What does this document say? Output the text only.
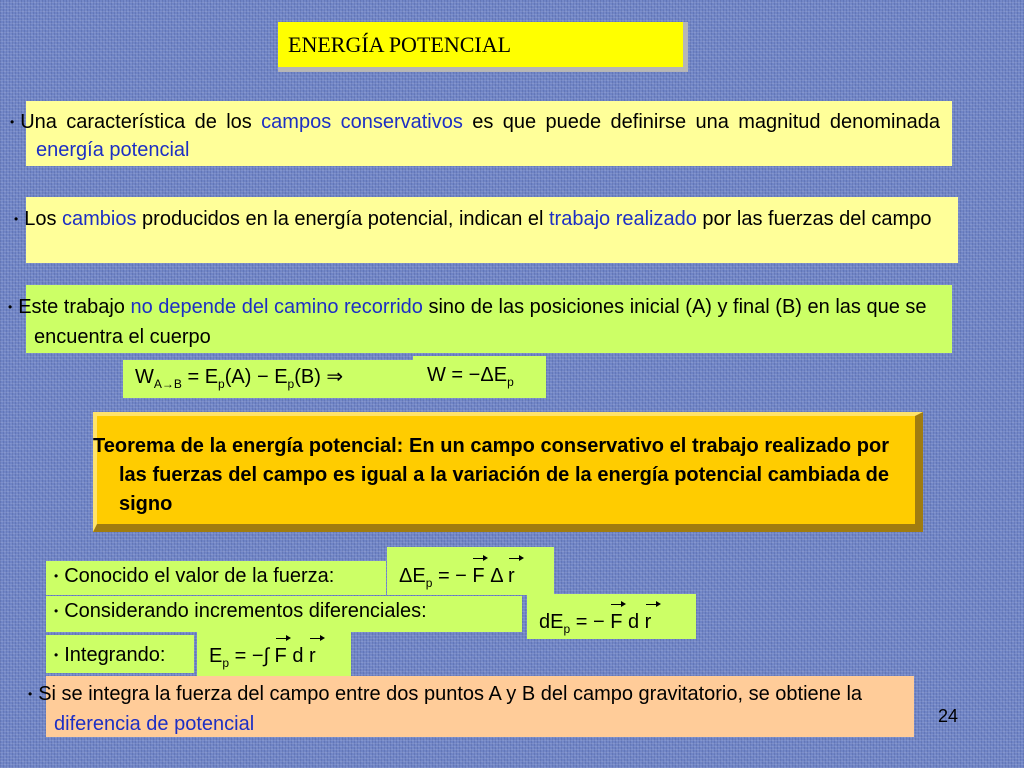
ENERGÍA POTENCIAL
• Una característica de los campos conservativos es que puede definirse una magnitud denominada energía potencial
• Los cambios producidos en la energía potencial, indican el trabajo realizado por las fuerzas del campo
• Este trabajo no depende del camino recorrido sino de las posiciones inicial (A) y final (B) en las que se encuentra el cuerpo
$W_{A\to B} = E_p(A) - E_p(B)$ ⇒	$W = -\Delta E_p$
Teorema de la energía potencial: En un campo conservativo el trabajo realizado por las fuerzas del campo es igual a la variación de la energía potencial cambiada de signo
• Conocido el valor de la fuerza:	$\Delta E_p$ = − F Δ r
• Considerando incrementos diferenciales:	$dE_p$ = − F d r
• Integrando:	$E_p$ = −∫ F d r
• Si se integra la fuerza del campo entre dos puntos A y B del campo gravitatorio, se obtiene la diferencia de potencial	24
